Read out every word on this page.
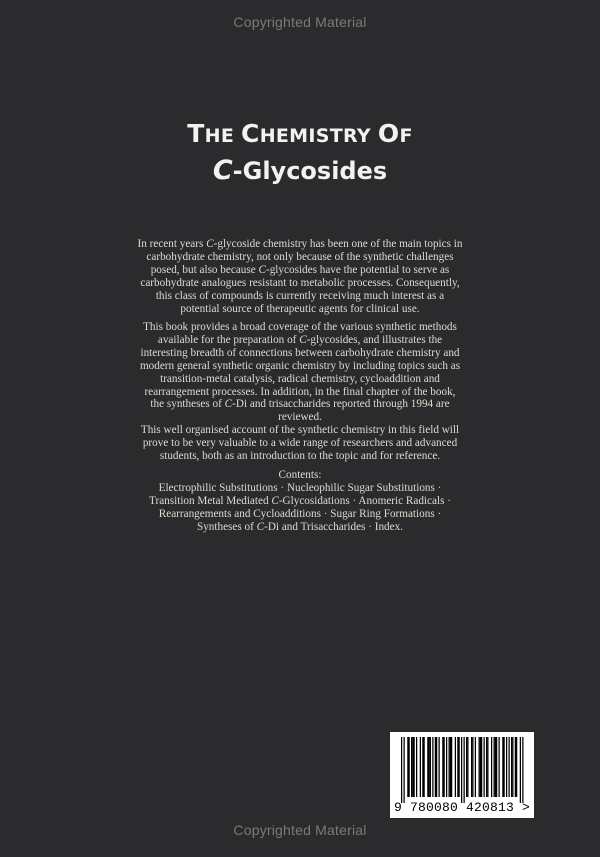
Copyrighted Material
THE CHEMISTRY OF
C-Glycosides
In recent years C-glycoside chemistry has been one of the main topics in
carbohydrate chemistry, not only because of the synthetic challenges
posed, but also because C-glycosides have the potential to serve as
carbohydrate analogues resistant to metabolic processes. Consequently,
this class of compounds is currently receiving much interest as a
potential source of therapeutic agents for clinical use.
This book provides a broad coverage of the various synthetic methods
available for the preparation of C-glycosides, and illustrates the
interesting breadth of connections between carbohydrate chemistry and
modern general synthetic organic chemistry by including topics such as
transition-metal catalysis, radical chemistry, cycloaddition and
rearrangement processes. In addition, in the final chapter of the book,
the syntheses of C-Di and trisaccharides reported through 1994 are
reviewed.
This well organised account of the synthetic chemistry in this field will
prove to be very valuable to a wide range of researchers and advanced
students, both as an introduction to the topic and for reference.
Contents:
Electrophilic Substitutions · Nucleophilic Sugar Substitutions ·
Transition Metal Mediated C-Glycosidations · Anomeric Radicals ·
Rearrangements and Cycloadditions · Sugar Ring Formations ·
Syntheses of C-Di and Trisaccharides · Index.
9 780080 420813 >
Copyrighted Material
